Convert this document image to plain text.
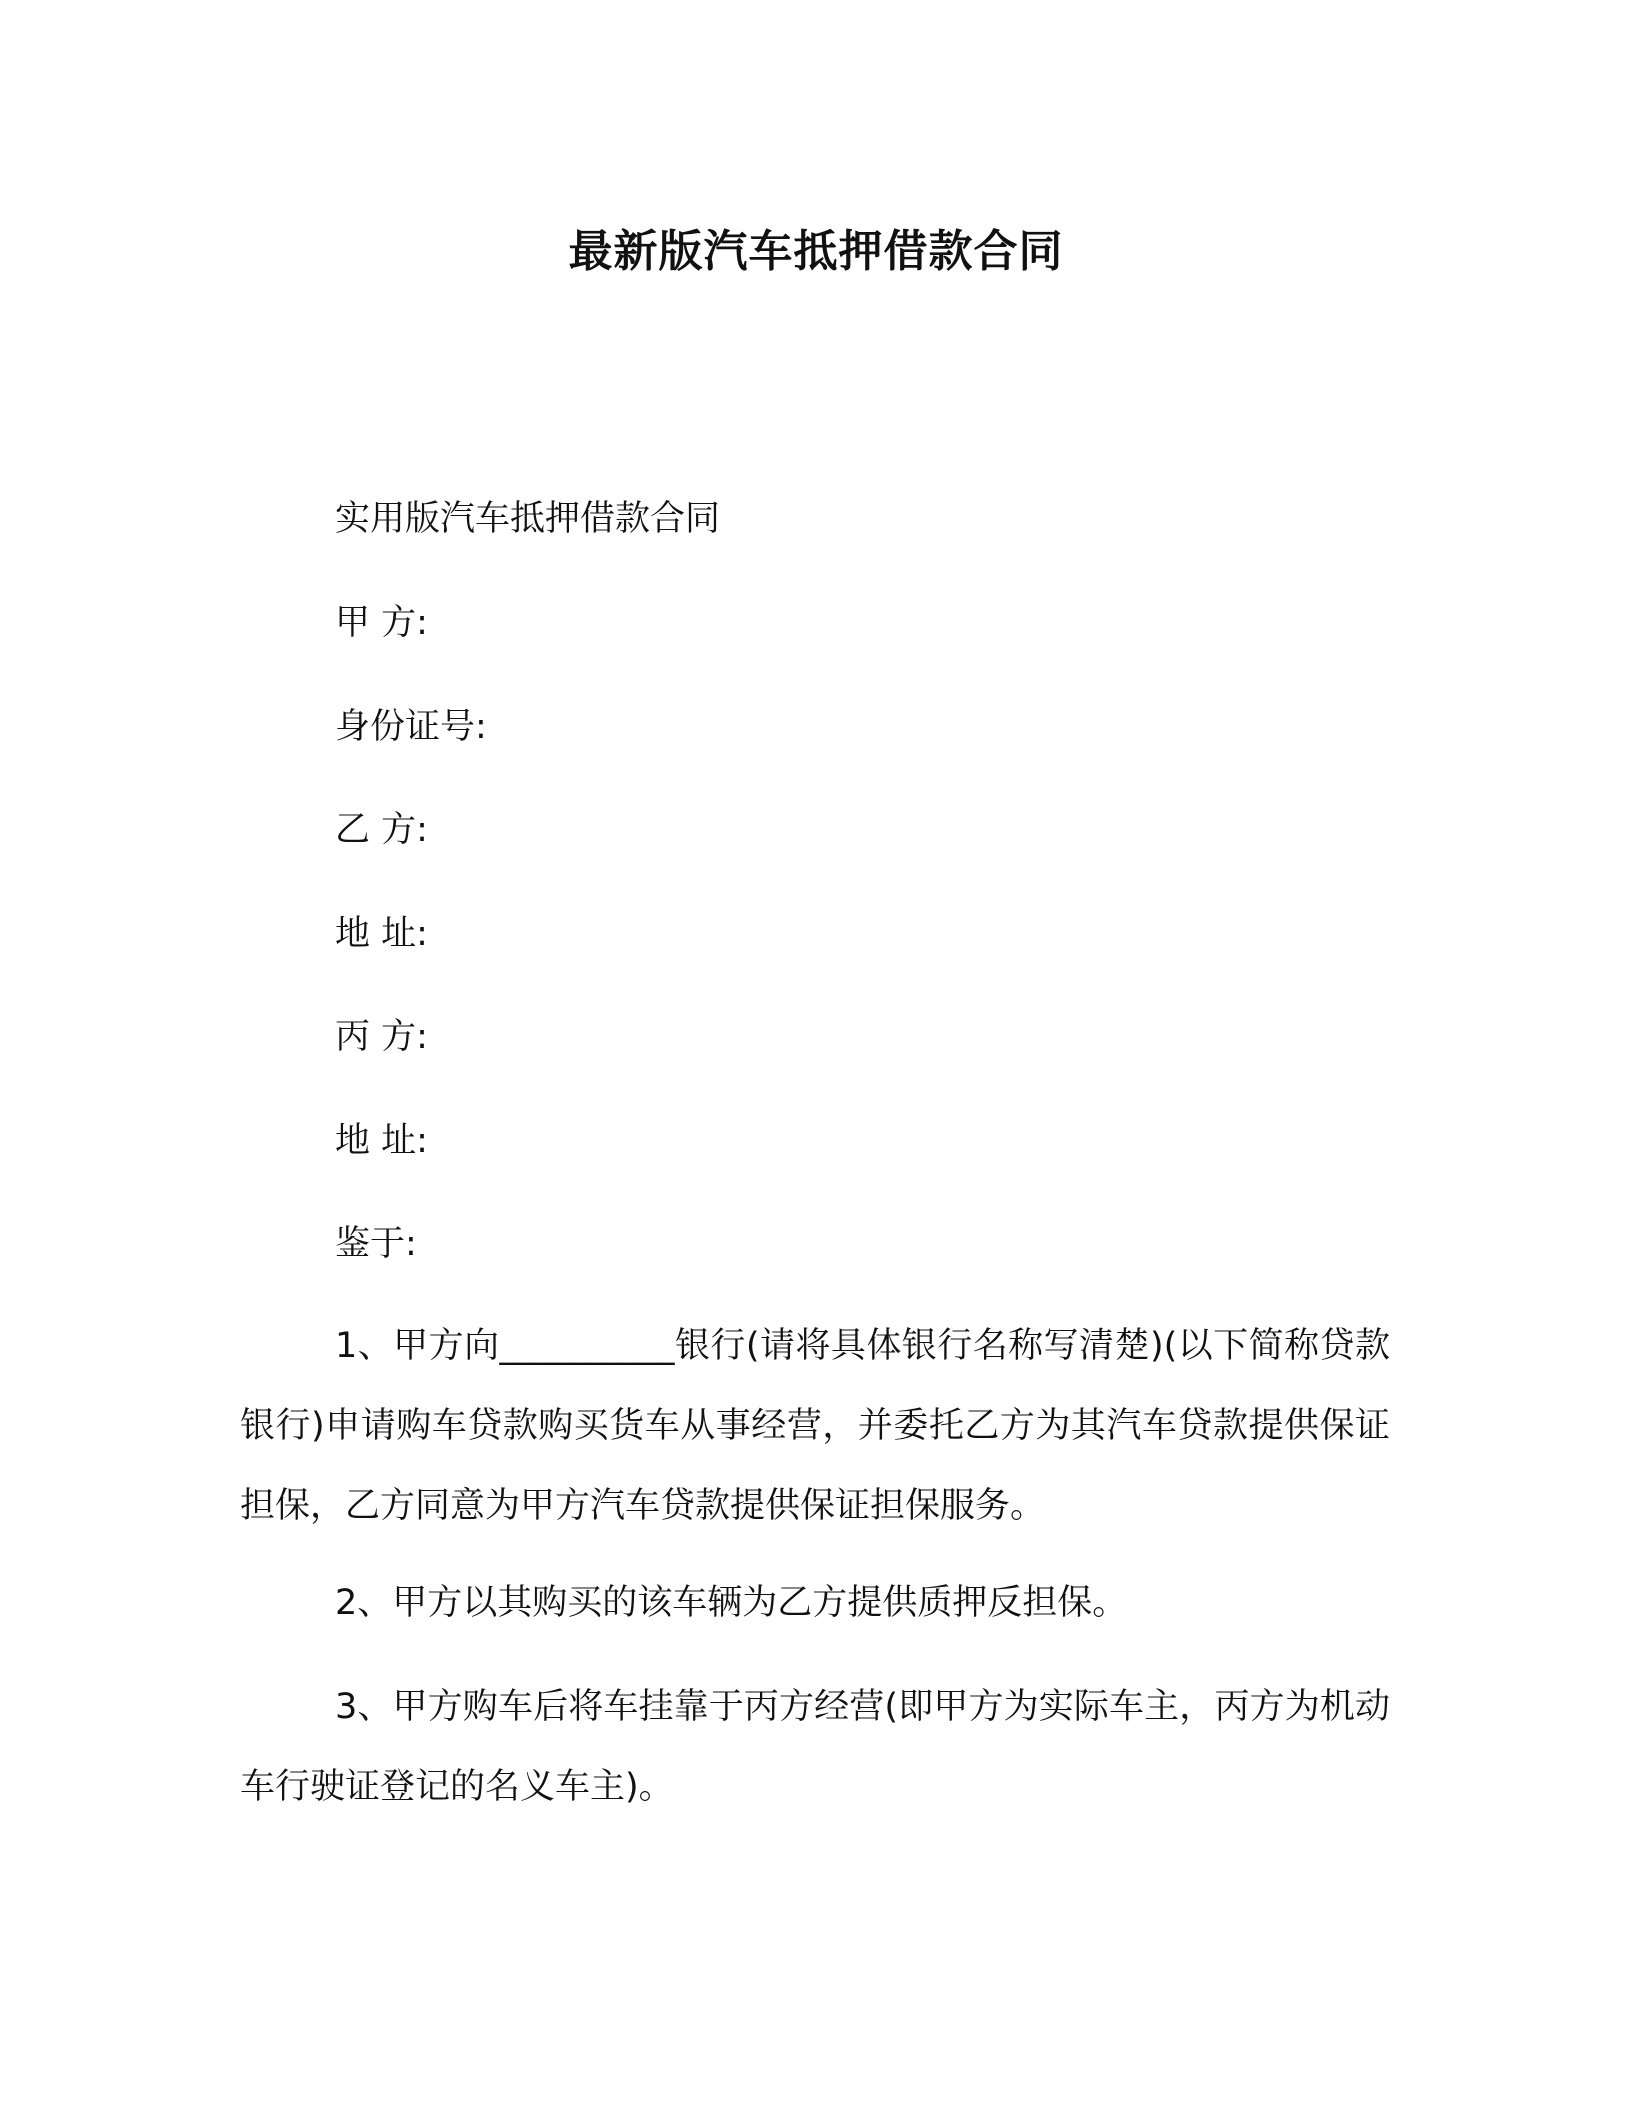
最新版汽车抵押借款合同
实用版汽车抵押借款合同
甲 方:
身份证号:
乙 方:
地 址:
丙 方:
地 址:
鉴于:
1、甲方向__________银行(请将具体银行名称写清楚)(以下简称贷款银行)申请购车贷款购买货车从事经营，并委托乙方为其汽车贷款提供保证担保，乙方同意为甲方汽车贷款提供保证担保服务。
2、甲方以其购买的该车辆为乙方提供质押反担保。
3、甲方购车后将车挂靠于丙方经营(即甲方为实际车主，丙方为机动车行驶证登记的名义车主)。
